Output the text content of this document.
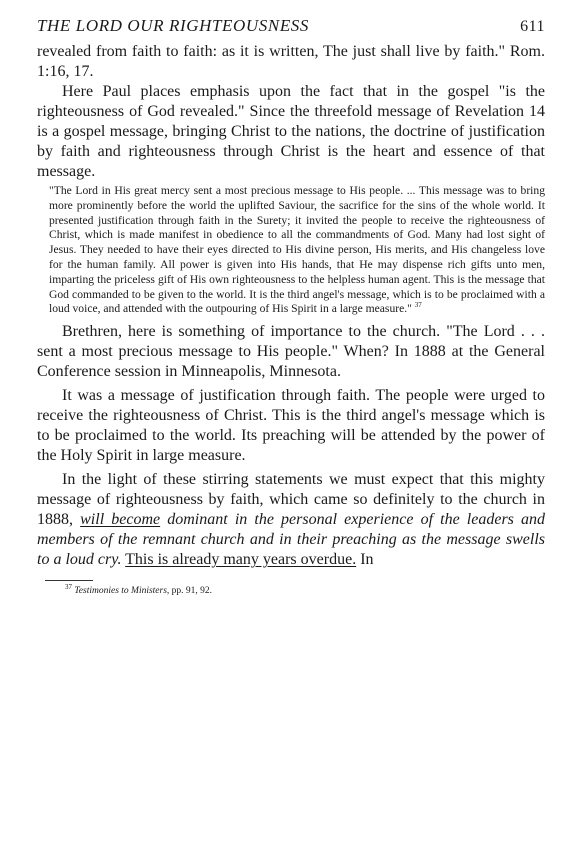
THE LORD OUR RIGHTEOUSNESS	611

revealed from faith to faith: as it is written, The just shall live by faith." Rom. 1:16, 17.

Here Paul places emphasis upon the fact that in the gospel "is the righteousness of God revealed." Since the threefold message of Revelation 14 is a gospel message, bringing Christ to the nations, the doctrine of justification by faith and righteousness through Christ is the heart and essence of that message.

"The Lord in His great mercy sent a most precious message to His people. ... This message was to bring more prominently before the world the uplifted Saviour, the sacrifice for the sins of the whole world. It presented justification through faith in the Surety; it invited the people to receive the righteousness of Christ, which is made manifest in obedience to all the commandments of God. Many had lost sight of Jesus. They needed to have their eyes directed to His divine person, His merits, and His changeless love for the human family. All power is given into His hands, that He may dispense rich gifts unto men, imparting the priceless gift of His own righteousness to the helpless human agent. This is the message that God commanded to be given to the world. It is the third angel's message, which is to be proclaimed with a loud voice, and attended with the outpouring of His Spirit in a large measure." $^{37}$

Brethren, here is something of importance to the church. "The Lord . . . sent a most precious message to His people." When? In 1888 at the General Conference session in Minneapolis, Minnesota.

It was a message of justification through faith. The people were urged to receive the righteousness of Christ. This is the third angel's message which is to be proclaimed to the world. Its preaching will be attended by the power of the Holy Spirit in large measure.

In the light of these stirring statements we must expect that this mighty message of righteousness by faith, which came so definitely to the church in 1888, will become dominant in the personal experience of the leaders and members of the remnant church and in their preaching as the message swells to a loud cry. This is already many years overdue. In

$^{37}$ Testimonies to Ministers, pp. 91, 92.
